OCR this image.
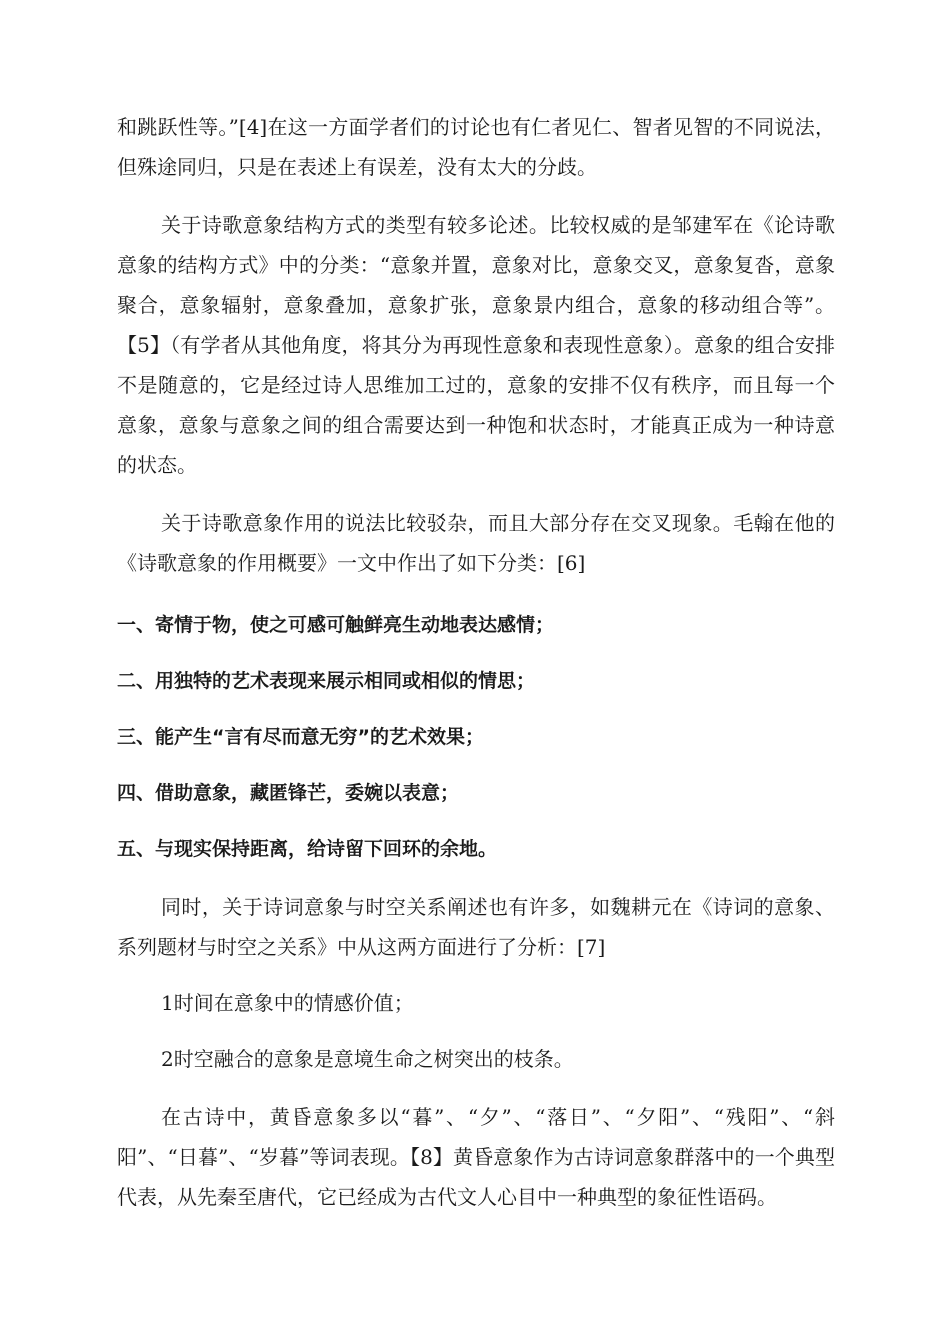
和跳跃性等。”[4]在这一方面学者们的讨论也有仁者见仁、智者见智的不同说法，但殊途同归，只是在表述上有误差，没有太大的分歧。

关于诗歌意象结构方式的类型有较多论述。比较权威的是邹建军在《论诗歌意象的结构方式》中的分类：“意象并置，意象对比，意象交叉，意象复沓，意象聚合，意象辐射，意象叠加，意象扩张，意象景内组合，意象的移动组合等”。【5】（有学者从其他角度，将其分为再现性意象和表现性意象）。意象的组合安排不是随意的，它是经过诗人思维加工过的，意象的安排不仅有秩序，而且每一个意象，意象与意象之间的组合需要达到一种饱和状态时，才能真正成为一种诗意的状态。

关于诗歌意象作用的说法比较驳杂，而且大部分存在交叉现象。毛翰在他的《诗歌意象的作用概要》一文中作出了如下分类：[6]

一、寄情于物，使之可感可触鲜亮生动地表达感情；

二、用独特的艺术表现来展示相同或相似的情思；

三、能产生“言有尽而意无穷”的艺术效果；

四、借助意象，藏匿锋芒，委婉以表意；

五、与现实保持距离，给诗留下回环的余地。

同时，关于诗词意象与时空关系阐述也有许多，如魏耕元在《诗词的意象、系列题材与时空之关系》中从这两方面进行了分析：[7]

1时间在意象中的情感价值；

2时空融合的意象是意境生命之树突出的枝条。

在古诗中，黄昏意象多以“暮”、“夕”、“落日”、“夕阳”、“残阳”、“斜阳”、“日暮”、“岁暮”等词表现。【8】黄昏意象作为古诗词意象群落中的一个典型代表，从先秦至唐代，它已经成为古代文人心目中一种典型的象征性语码。
